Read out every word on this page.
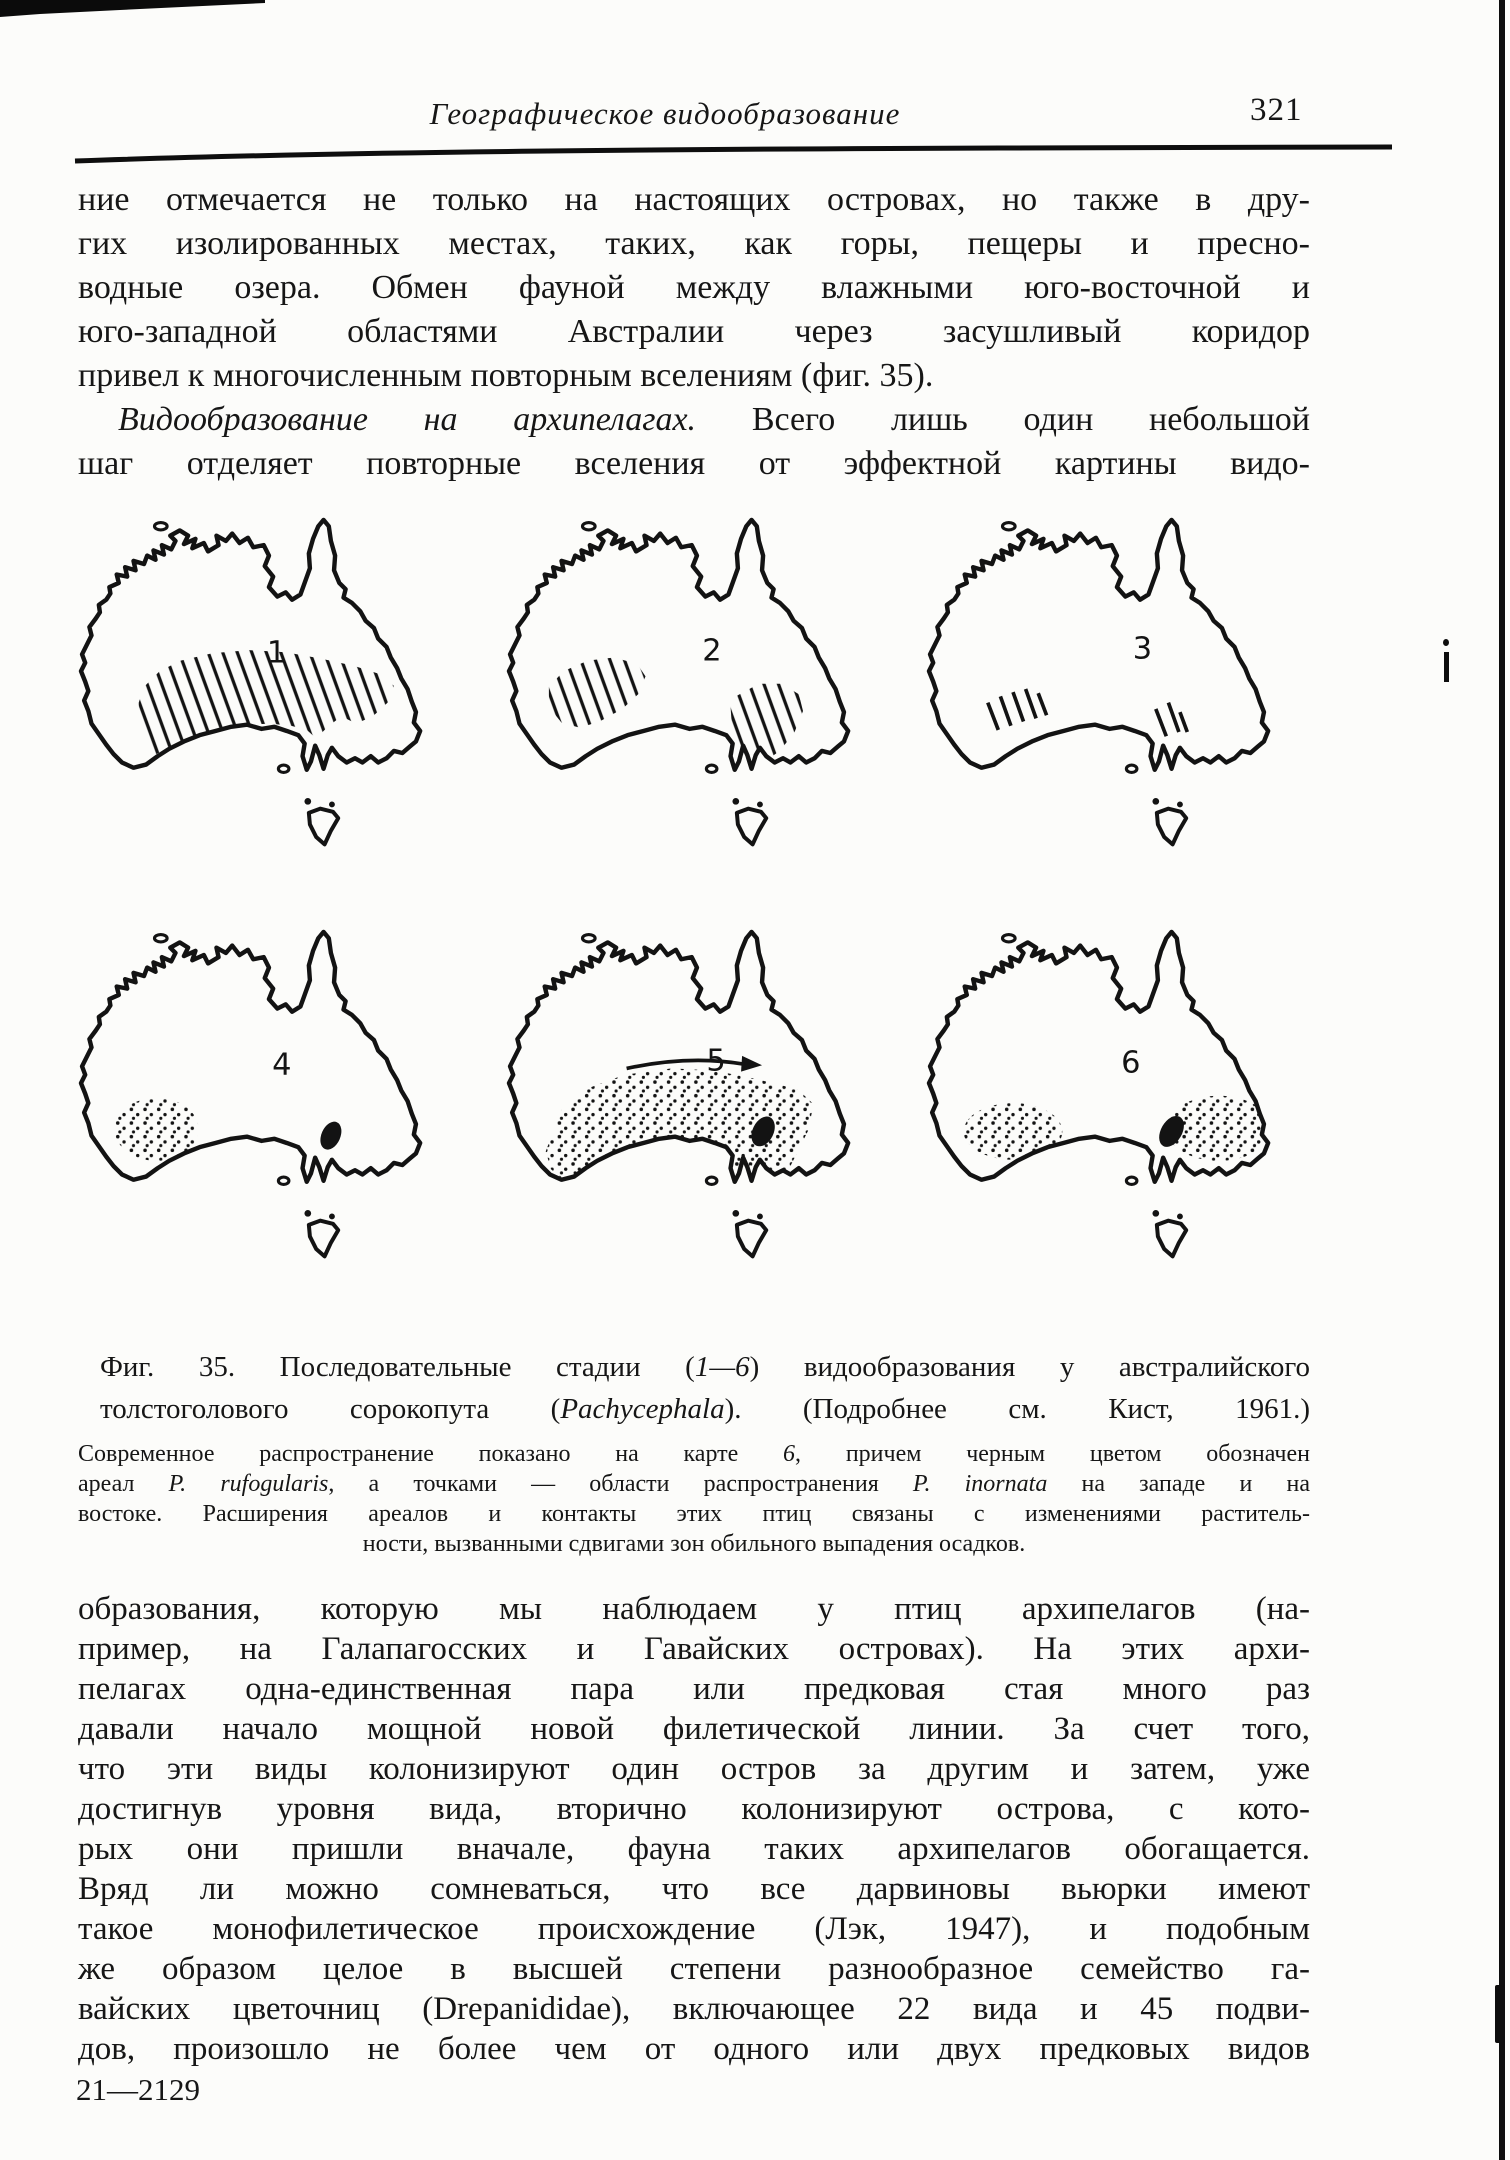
Географическое видообразование	321
ние отмечается не только на настоящих островах, но также в дру-
гих изолированных местах, таких, как горы, пещеры и пресно-
водные озера. Обмен фауной между влажными юго-восточной и
юго-западной областями Австралии через засушливый коридор
привел к многочисленным повторным вселениям (фиг. 35).
Видообразование на архипелагах. Всего лишь один небольшой
шаг отделяет повторные вселения от эффектной картины видо-
1	2	3
4	5	6
Фиг. 35. Последовательные стадии (1—6) видообразования у австралийского
толстоголового сорокопута (Pachycephala). (Подробнее см. Кист, 1961.)
Современное распространение показано на карте 6, причем черным цветом обозначен
ареал P. rufogularis, а точками — области распространения P. inornata на западе и на
востоке. Расширения ареалов и контакты этих птиц связаны с изменениями раститель-
ности, вызванными сдвигами зон обильного выпадения осадков.
образования, которую мы наблюдаем у птиц архипелагов (на-
пример, на Галапагосских и Гавайских островах). На этих архи-
пелагах одна-единственная пара или предковая стая много раз
давали начало мощной новой филетической линии. За счет того,
что эти виды колонизируют один остров за другим и затем, уже
достигнув уровня вида, вторично колонизируют острова, с кото-
рых они пришли вначале, фауна таких архипелагов обогащается.
Вряд ли можно сомневаться, что все дарвиновы вьюрки имеют
такое монофилетическое происхождение (Лэк, 1947), и подобным
же образом целое в высшей степени разнообразное семейство га-
вайских цветочниц (Drepanididae), включающее 22 вида и 45 подви-
дов, произошло не более чем от одного или двух предковых видов
21—2129
